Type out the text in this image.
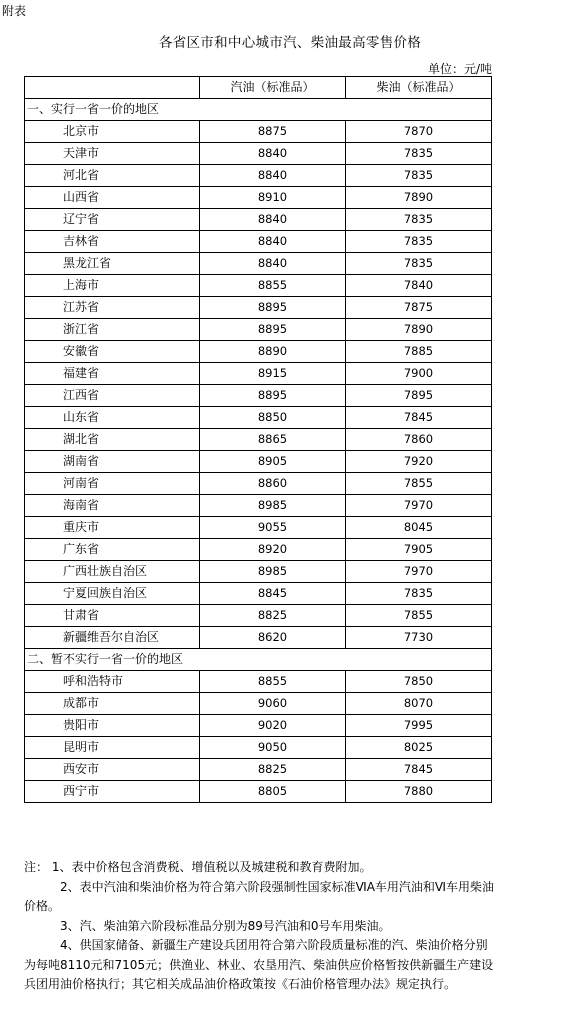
附表
各省区市和中心城市汽、柴油最高零售价格
单位：元/吨
	汽油（标准品）	柴油（标准品）
一、实行一省一价的地区		
北京市	8875	7870
天津市	8840	7835
河北省	8840	7835
山西省	8910	7890
辽宁省	8840	7835
吉林省	8840	7835
黑龙江省	8840	7835
上海市	8855	7840
江苏省	8895	7875
浙江省	8895	7890
安徽省	8890	7885
福建省	8915	7900
江西省	8895	7895
山东省	8850	7845
湖北省	8865	7860
湖南省	8905	7920
河南省	8860	7855
海南省	8985	7970
重庆市	9055	8045
广东省	8920	7905
广西壮族自治区	8985	7970
宁夏回族自治区	8845	7835
甘肃省	8825	7855
新疆维吾尔自治区	8620	7730
二、暂不实行一省一价的地区		
呼和浩特市	8855	7850
成都市	9060	8070
贵阳市	9020	7995
昆明市	9050	8025
西安市	8825	7845
西宁市	8805	7880

注： 1、表中价格包含消费税、增值税以及城建税和教育费附加。

2、表中汽油和柴油价格为符合第六阶段强制性国家标准ⅥA车用汽油和Ⅵ车用柴油价格。

3、汽、柴油第六阶段标准品分别为89号汽油和0号车用柴油。

4、供国家储备、新疆生产建设兵团用符合第六阶段质量标准的汽、柴油价格分别为每吨8110元和7105元；供渔业、林业、农垦用汽、柴油供应价格暂按供新疆生产建设兵团用油价格执行；其它相关成品油价格政策按《石油价格管理办法》规定执行。
